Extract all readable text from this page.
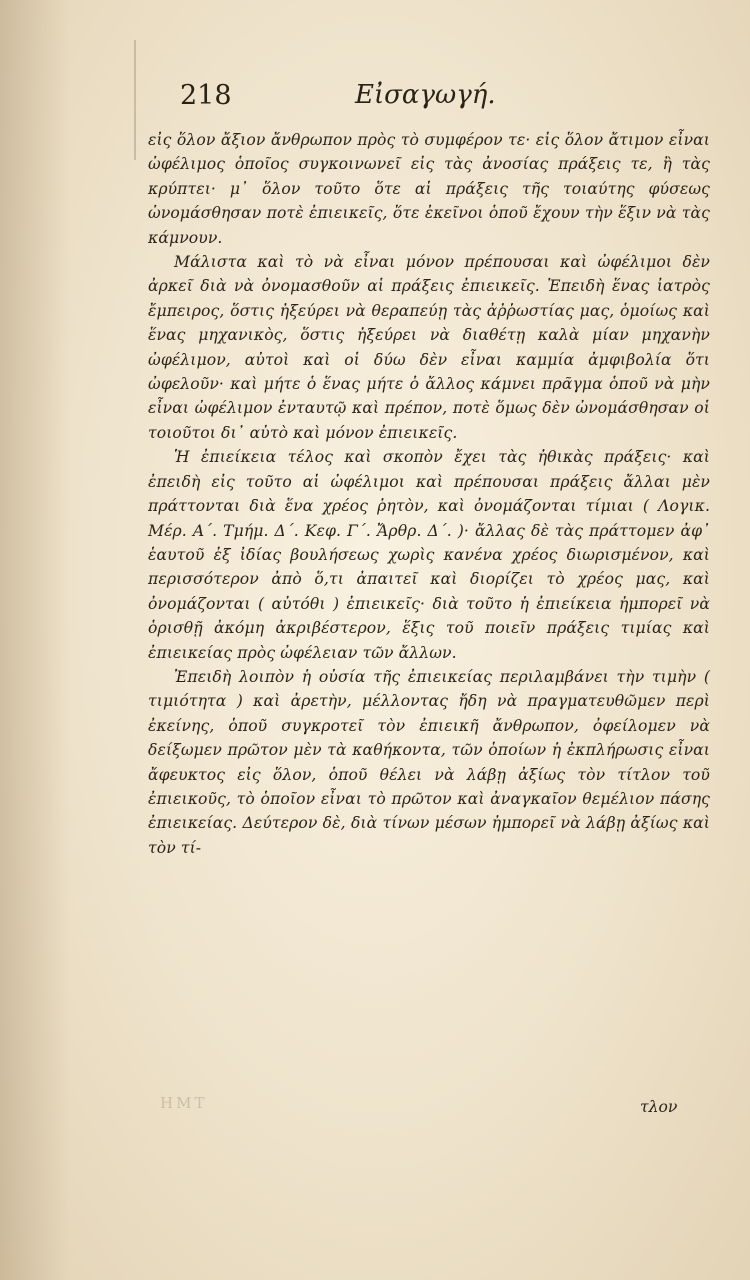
218	Εἰσαγωγή.

εἰς ὅλον ἄξιον ἄνθρωπον πρὸς τὸ συμφέρον τε· εἰς ὅλον ἄτιμον εἶναι ὠφέλιμος ὁποῖος συγκοινωνεῖ εἰς τὰς ἀνοσίας πράξεις τε, ἢ τὰς κρύπτει· μ᾿ ὅλον τοῦτο ὅτε αἱ πράξεις τῆς τοιαύτης φύσεως ὠνομάσθησαν ποτὲ ἐπιεικεῖς, ὅτε ἐκεῖνοι ὁποῦ ἔχουν τὴν ἕξιν νὰ τὰς κάμνουν.

Μάλιστα καὶ τὸ νὰ εἶναι μόνον πρέπουσαι καὶ ὠφέλιμοι δὲν ἀρκεῖ διὰ νὰ ὀνομασθοῦν αἱ πράξεις ἐπιεικεῖς. Ἐπειδὴ ἕνας ἰατρὸς ἔμπειρος, ὅστις ἠξεύρει νὰ θεραπεύῃ τὰς ἀῤῥωστίας μας, ὁμοίως καὶ ἕνας μηχανικὸς, ὅστις ἠξεύρει νὰ διαθέτῃ καλὰ μίαν μηχανὴν ὠφέλιμον, αὐτοὶ καὶ οἱ δύω δὲν εἶναι καμμία ἀμφιβολία ὅτι ὠφελοῦν· καὶ μήτε ὁ ἕνας μήτε ὁ ἄλλος κάμνει πρᾶγμα ὁποῦ νὰ μὴν εἶναι ὠφέλιμον ἐνταυτῷ καὶ πρέπον, ποτὲ ὅμως δὲν ὠνομάσθησαν οἱ τοιοῦτοι δι᾿ αὐτὸ καὶ μόνον ἐπιεικεῖς.

Ἡ ἐπιείκεια τέλος καὶ σκοπὸν ἔχει τὰς ἠθικὰς πράξεις· καὶ ἐπειδὴ εἰς τοῦτο αἱ ὠφέλιμοι καὶ πρέπουσαι πράξεις ἄλλαι μὲν πράττονται διὰ ἕνα χρέος ῥητὸν, καὶ ὀνομάζονται τίμιαι ( Λογικ. Μέρ. Α΄. Τμήμ. Δ΄. Κεφ. Γ΄. Ἄρθρ. Δ΄. )· ἄλλας δὲ τὰς πράττομεν ἀφ᾿ ἑαυτοῦ ἐξ ἰδίας βουλήσεως χωρὶς κανένα χρέος διωρισμένον, καὶ περισσότερον ἀπὸ ὅ,τι ἀπαιτεῖ καὶ διορίζει τὸ χρέος μας, καὶ ὀνομάζονται ( αὐτόθι ) ἐπιεικεῖς· διὰ τοῦτο ἡ ἐπιείκεια ἠμπορεῖ νὰ ὁρισθῇ ἀκόμη ἀκριβέστερον, ἕξις τοῦ ποιεῖν πράξεις τιμίας καὶ ἐπιεικείας πρὸς ὠφέλειαν τῶν ἄλλων.

Ἐπειδὴ λοιπὸν ἡ οὐσία τῆς ἐπιεικείας περιλαμβάνει τὴν τιμὴν ( τιμιότητα ) καὶ ἀρετὴν, μέλλοντας ἤδη νὰ πραγματευθῶμεν περὶ ἐκείνης, ὁποῦ συγκροτεῖ τὸν ἐπιεικῆ ἄνθρωπον, ὀφείλομεν νὰ δείξωμεν πρῶτον μὲν τὰ καθήκοντα, τῶν ὁποίων ἡ ἐκπλήρωσις εἶναι ἄφευκτος εἰς ὅλον, ὁποῦ θέλει νὰ λάβῃ ἀξίως τὸν τίτλον τοῦ ἐπιεικοῦς, τὸ ὁποῖον εἶναι τὸ πρῶτον καὶ ἀναγκαῖον θεμέλιον πάσης ἐπιεικείας. Δεύτερον δὲ, διὰ τίνων μέσων ἠμπορεῖ νὰ λάβῃ ἀξίως καὶ τὸν τί-

ΗΜΤ	τλον
